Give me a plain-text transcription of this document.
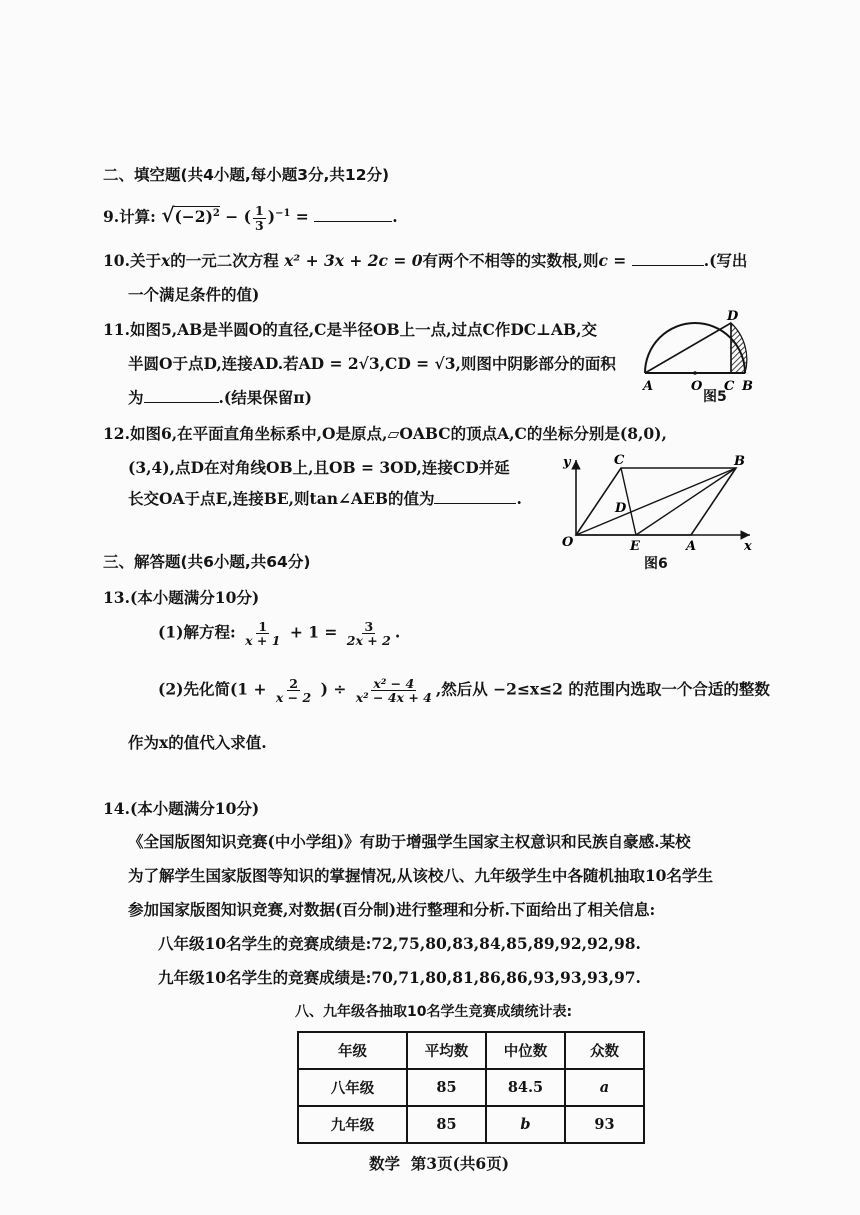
二、填空题(共4小题,每小题3分,共12分)
9.计算: $√(-2)^2$ − ( $\frac{1}{3} )^{-1}$ =	.
10.关于x的一元二次方程 x² + 3x + 2c = 0有两个不相等的实数根,则c =	.(写出
一个满足条件的值)
11.如图5,AB是半圆O的直径,C是半径OB上一点,过点C作DC⊥AB,交
半圆O于点D,连接AD.若AD = 2√3,CD = √3,则图中阴影部分的面积
为	.(结果保留π)
D
A	O C B
图5
12.如图6,在平面直角坐标系中,O是原点,▱OABC的顶点A,C的坐标分别是(8,0),
(3,4),点D在对角线OB上,且OB = 3OD,连接CD并延
长交OA于点E,连接BE,则tan∠AEB的值为	.
y	C	B
D
O	E	A	x
图6
三、解答题(共6小题,共64分)
13.(本小题满分10分)
(1)解方程: $\frac{1}{x + 1} + 1 = \frac{3}{2x + 2}$ .
(2)先化简($1 + \frac{2}{x - 2}$ ) ÷ $\frac{\text{x² − 4}}{\text{x² − 4x + 4}}$ ,然后从 −2≤x≤2 的范围内选取一个合适的整数
作为x的值代入求值.
14.(本小题满分10分)
《全国版图知识竞赛(中小学组)》有助于增强学生国家主权意识和民族自豪感.某校
为了解学生国家版图等知识的掌握情况,从该校八、九年级学生中各随机抽取10名学生
参加国家版图知识竞赛,对数据(百分制)进行整理和分析.下面给出了相关信息:
八年级10名学生的竞赛成绩是:72,75,80,83,84,85,89,92,92,98.
九年级10名学生的竞赛成绩是:70,71,80,81,86,86,93,93,93,97.
八、九年级各抽取10名学生竞赛成绩统计表:
年级	平均数	中位数	众数
八年级	85	84.5	a
九年级	85	b	93
数学  第3页(共6页)
